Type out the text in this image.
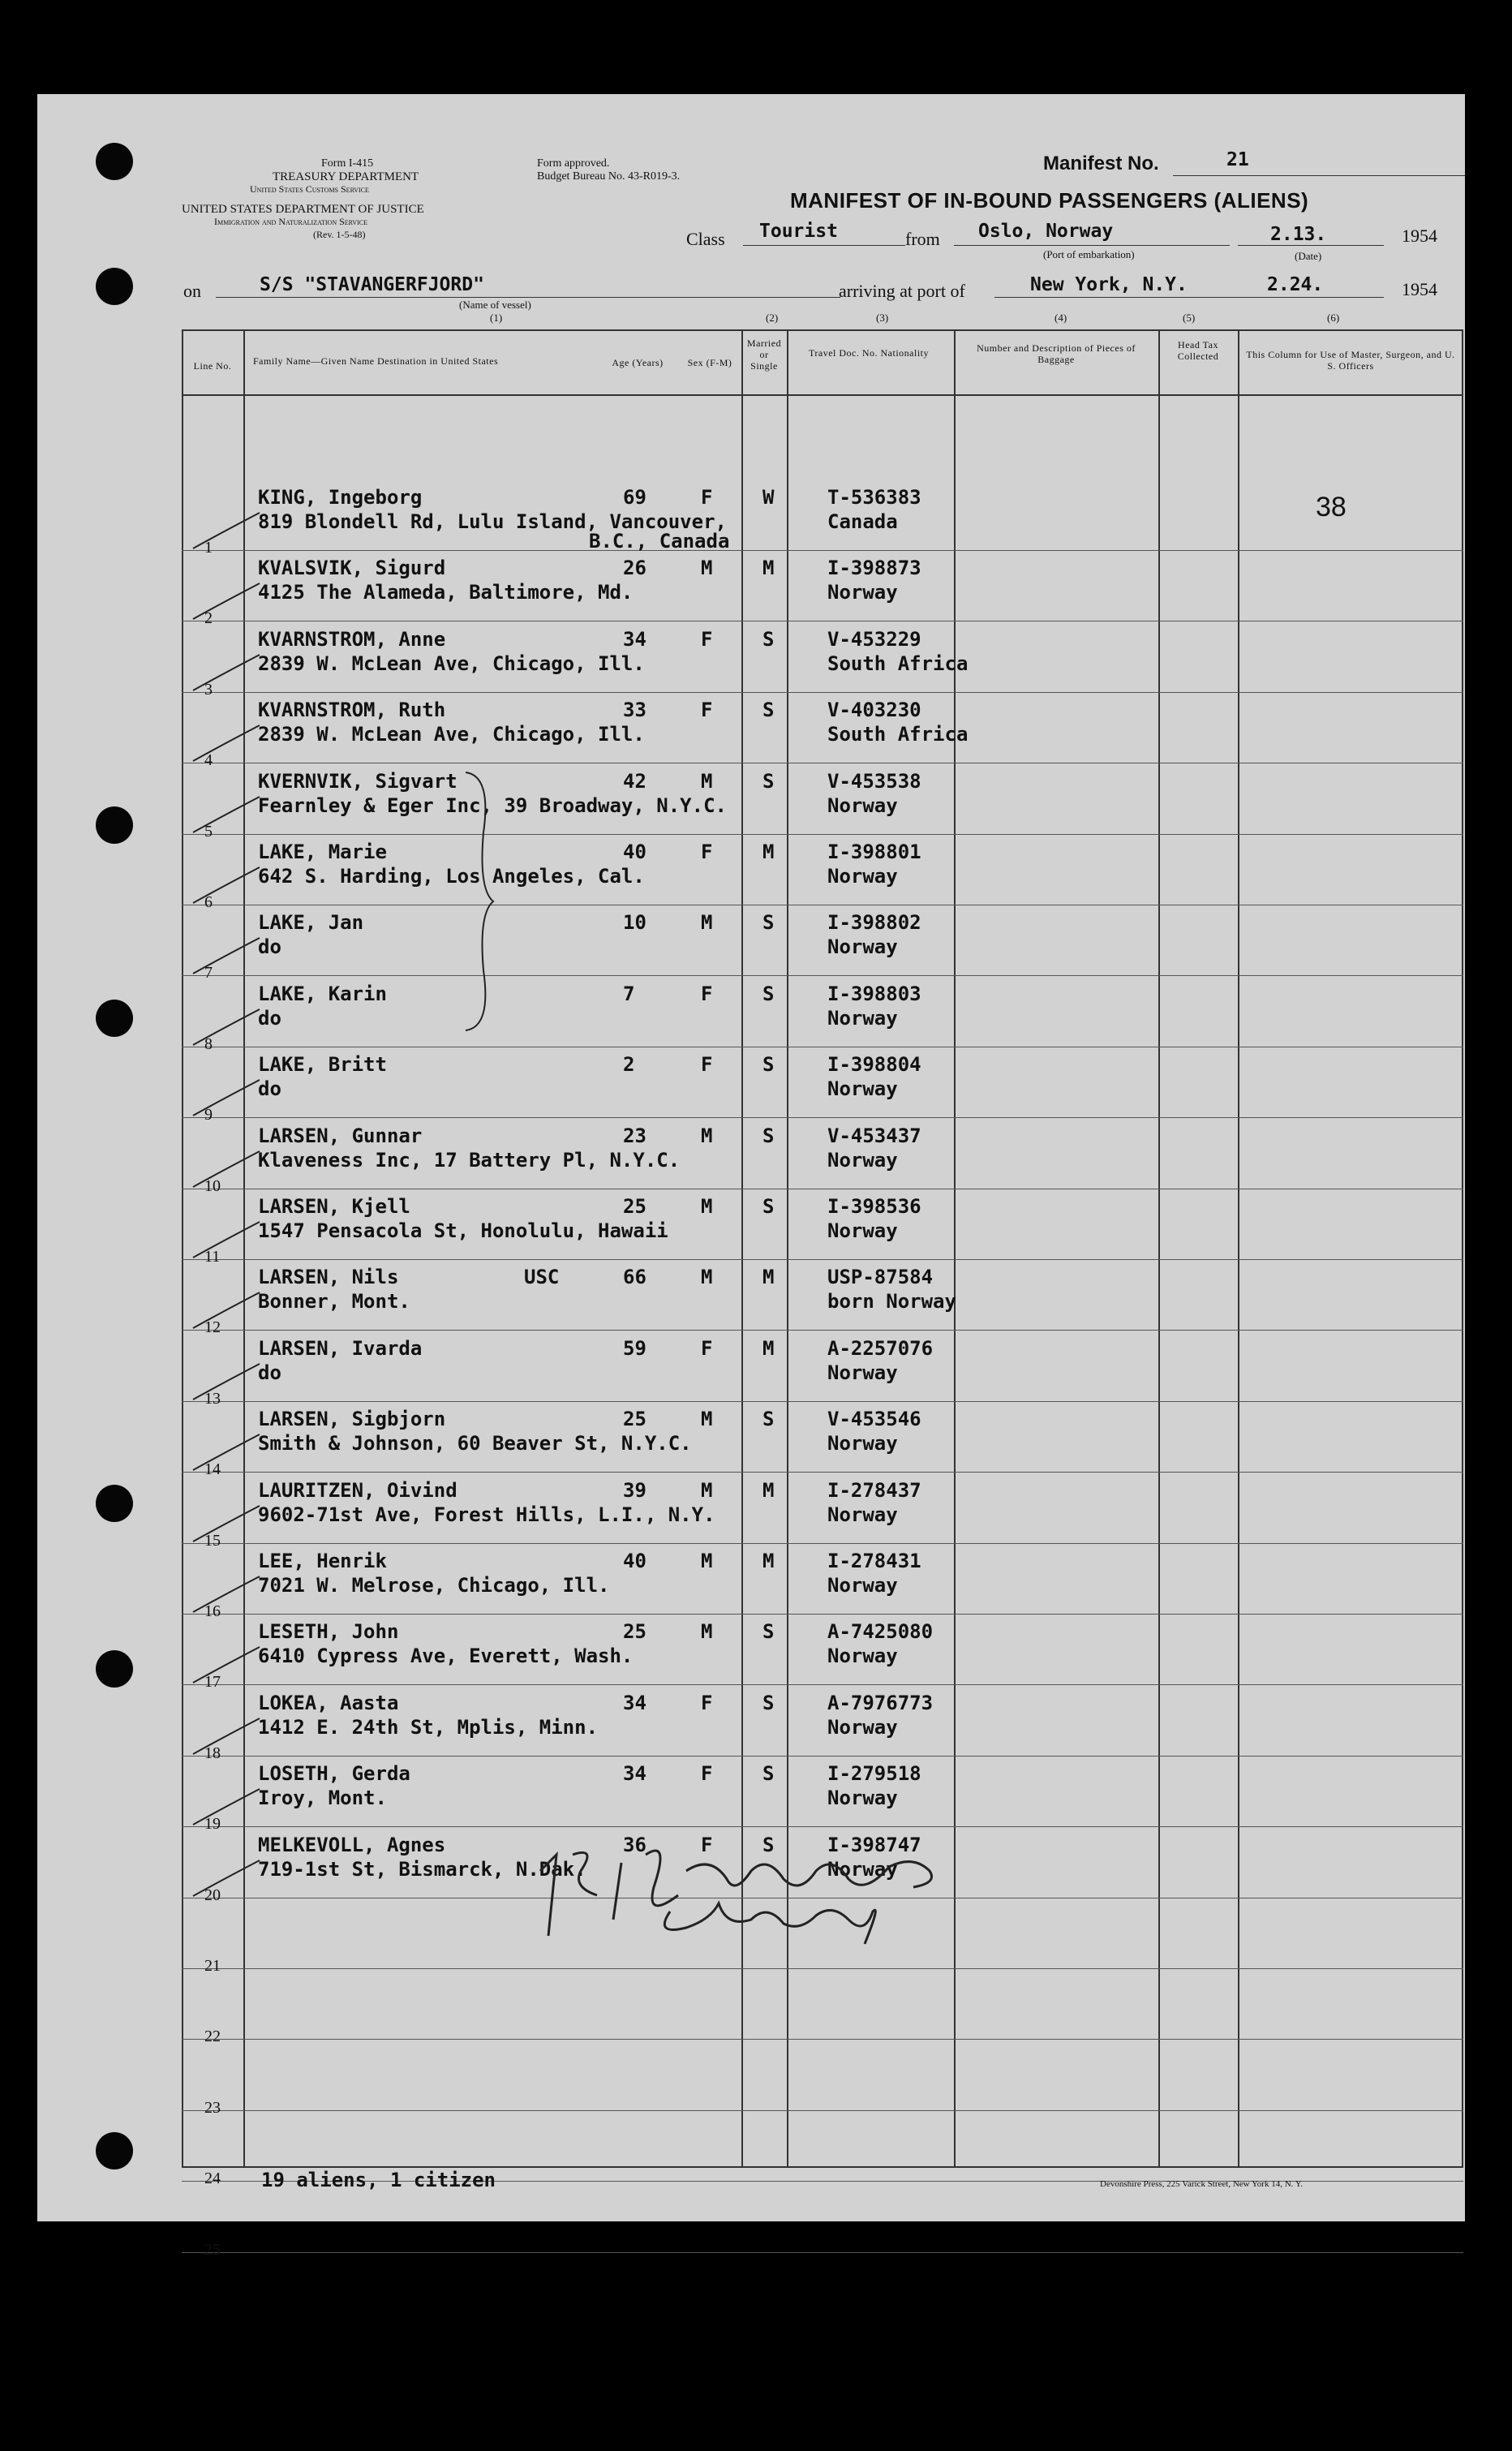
Form I-415
TREASURY DEPARTMENT
United States Customs Service
UNITED STATES DEPARTMENT OF JUSTICE
Immigration and Naturalization Service
(Rev. 1-5-48)
Form approved.
Budget Bureau No. 43-R019-3.
Manifest No.	21
MANIFEST OF IN-BOUND PASSENGERS (ALIENS)
Class Tourist	from Oslo, Norway
(Port of embarkation)
2.13.
(Date)
1954
on	S/S "STAVANGERFJORD"
(Name of vessel)
arriving at port of	New York, N.Y.	2.24.	1954
(1)	(2)	(3)	(4)	(5)	(6)
Line No.	Family Name—Given Name Destination in United States	Age (Years)	Sex (F-M)
Married or Single
Travel Doc. No. Nationality	Number and Description of Pieces of Baggage
Head Tax Collected	This Column for Use of Master, Surgeon, and U. S. Officers
1
KING, Ingeborg
819 Blondell Rd, Lulu Island, Vancouver,
B.C., Canada
69	F	W	T-536383
Canada	38
2
KVALSVIK, Sigurd
4125 The Alameda, Baltimore, Md.
26	M	M	I-398873
Norway
3
KVARNSTROM, Anne
2839 W. McLean Ave, Chicago, Ill.
34	F	S	V-453229
South Africa
4
KVARNSTROM, Ruth
2839 W. McLean Ave, Chicago, Ill.
33	F	S	V-403230
South Africa
5
KVERNVIK, Sigvart
Fearnley & Eger Inc, 39 Broadway, N.Y.C.
42	M	S	V-453538
Norway
6
LAKE, Marie
642 S. Harding, Los Angeles, Cal.
40	F	M	I-398801
Norway
7
LAKE, Jan
do
10	M	S	I-398802
Norway
8
LAKE, Karin
do
7	F	S	I-398803
Norway
9
LAKE, Britt
do
2	F	S	I-398804
Norway
10
LARSEN, Gunnar
Klaveness Inc, 17 Battery Pl, N.Y.C.
23	M	S	V-453437
Norway
11
LARSEN, Kjell
1547 Pensacola St, Honolulu, Hawaii
25	M	S	I-398536
Norway
12
LARSEN, Nils
Bonner, Mont.
USC	66	M	M	USP-87584
born Norway
13
LARSEN, Ivarda
do
59	F	M	A-2257076
Norway
14
LARSEN, Sigbjorn
Smith & Johnson, 60 Beaver St, N.Y.C.
25	M	S	V-453546
Norway
15
LAURITZEN, Oivind
9602-71st Ave, Forest Hills, L.I., N.Y.
39	M	M	I-278437
Norway
16
LEE, Henrik
7021 W. Melrose, Chicago, Ill.
40	M	M	I-278431
Norway
17
LESETH, John
6410 Cypress Ave, Everett, Wash.
25	M	S	A-7425080
Norway
18
LOKEA, Aasta
1412 E. 24th St, Mplis, Minn.
34	F	S	A-7976773
Norway
19
LOSETH, Gerda
Iroy, Mont.
34	F	S	I-279518
Norway
20
MELKEVOLL, Agnes
719-1st St, Bismarck, N.Dak.
36	F	S	I-398747
Norway
21
22
23
24
25
19 aliens, 1 citizen	Devonshire Press, 225 Varick Street, New York 14, N. Y.
